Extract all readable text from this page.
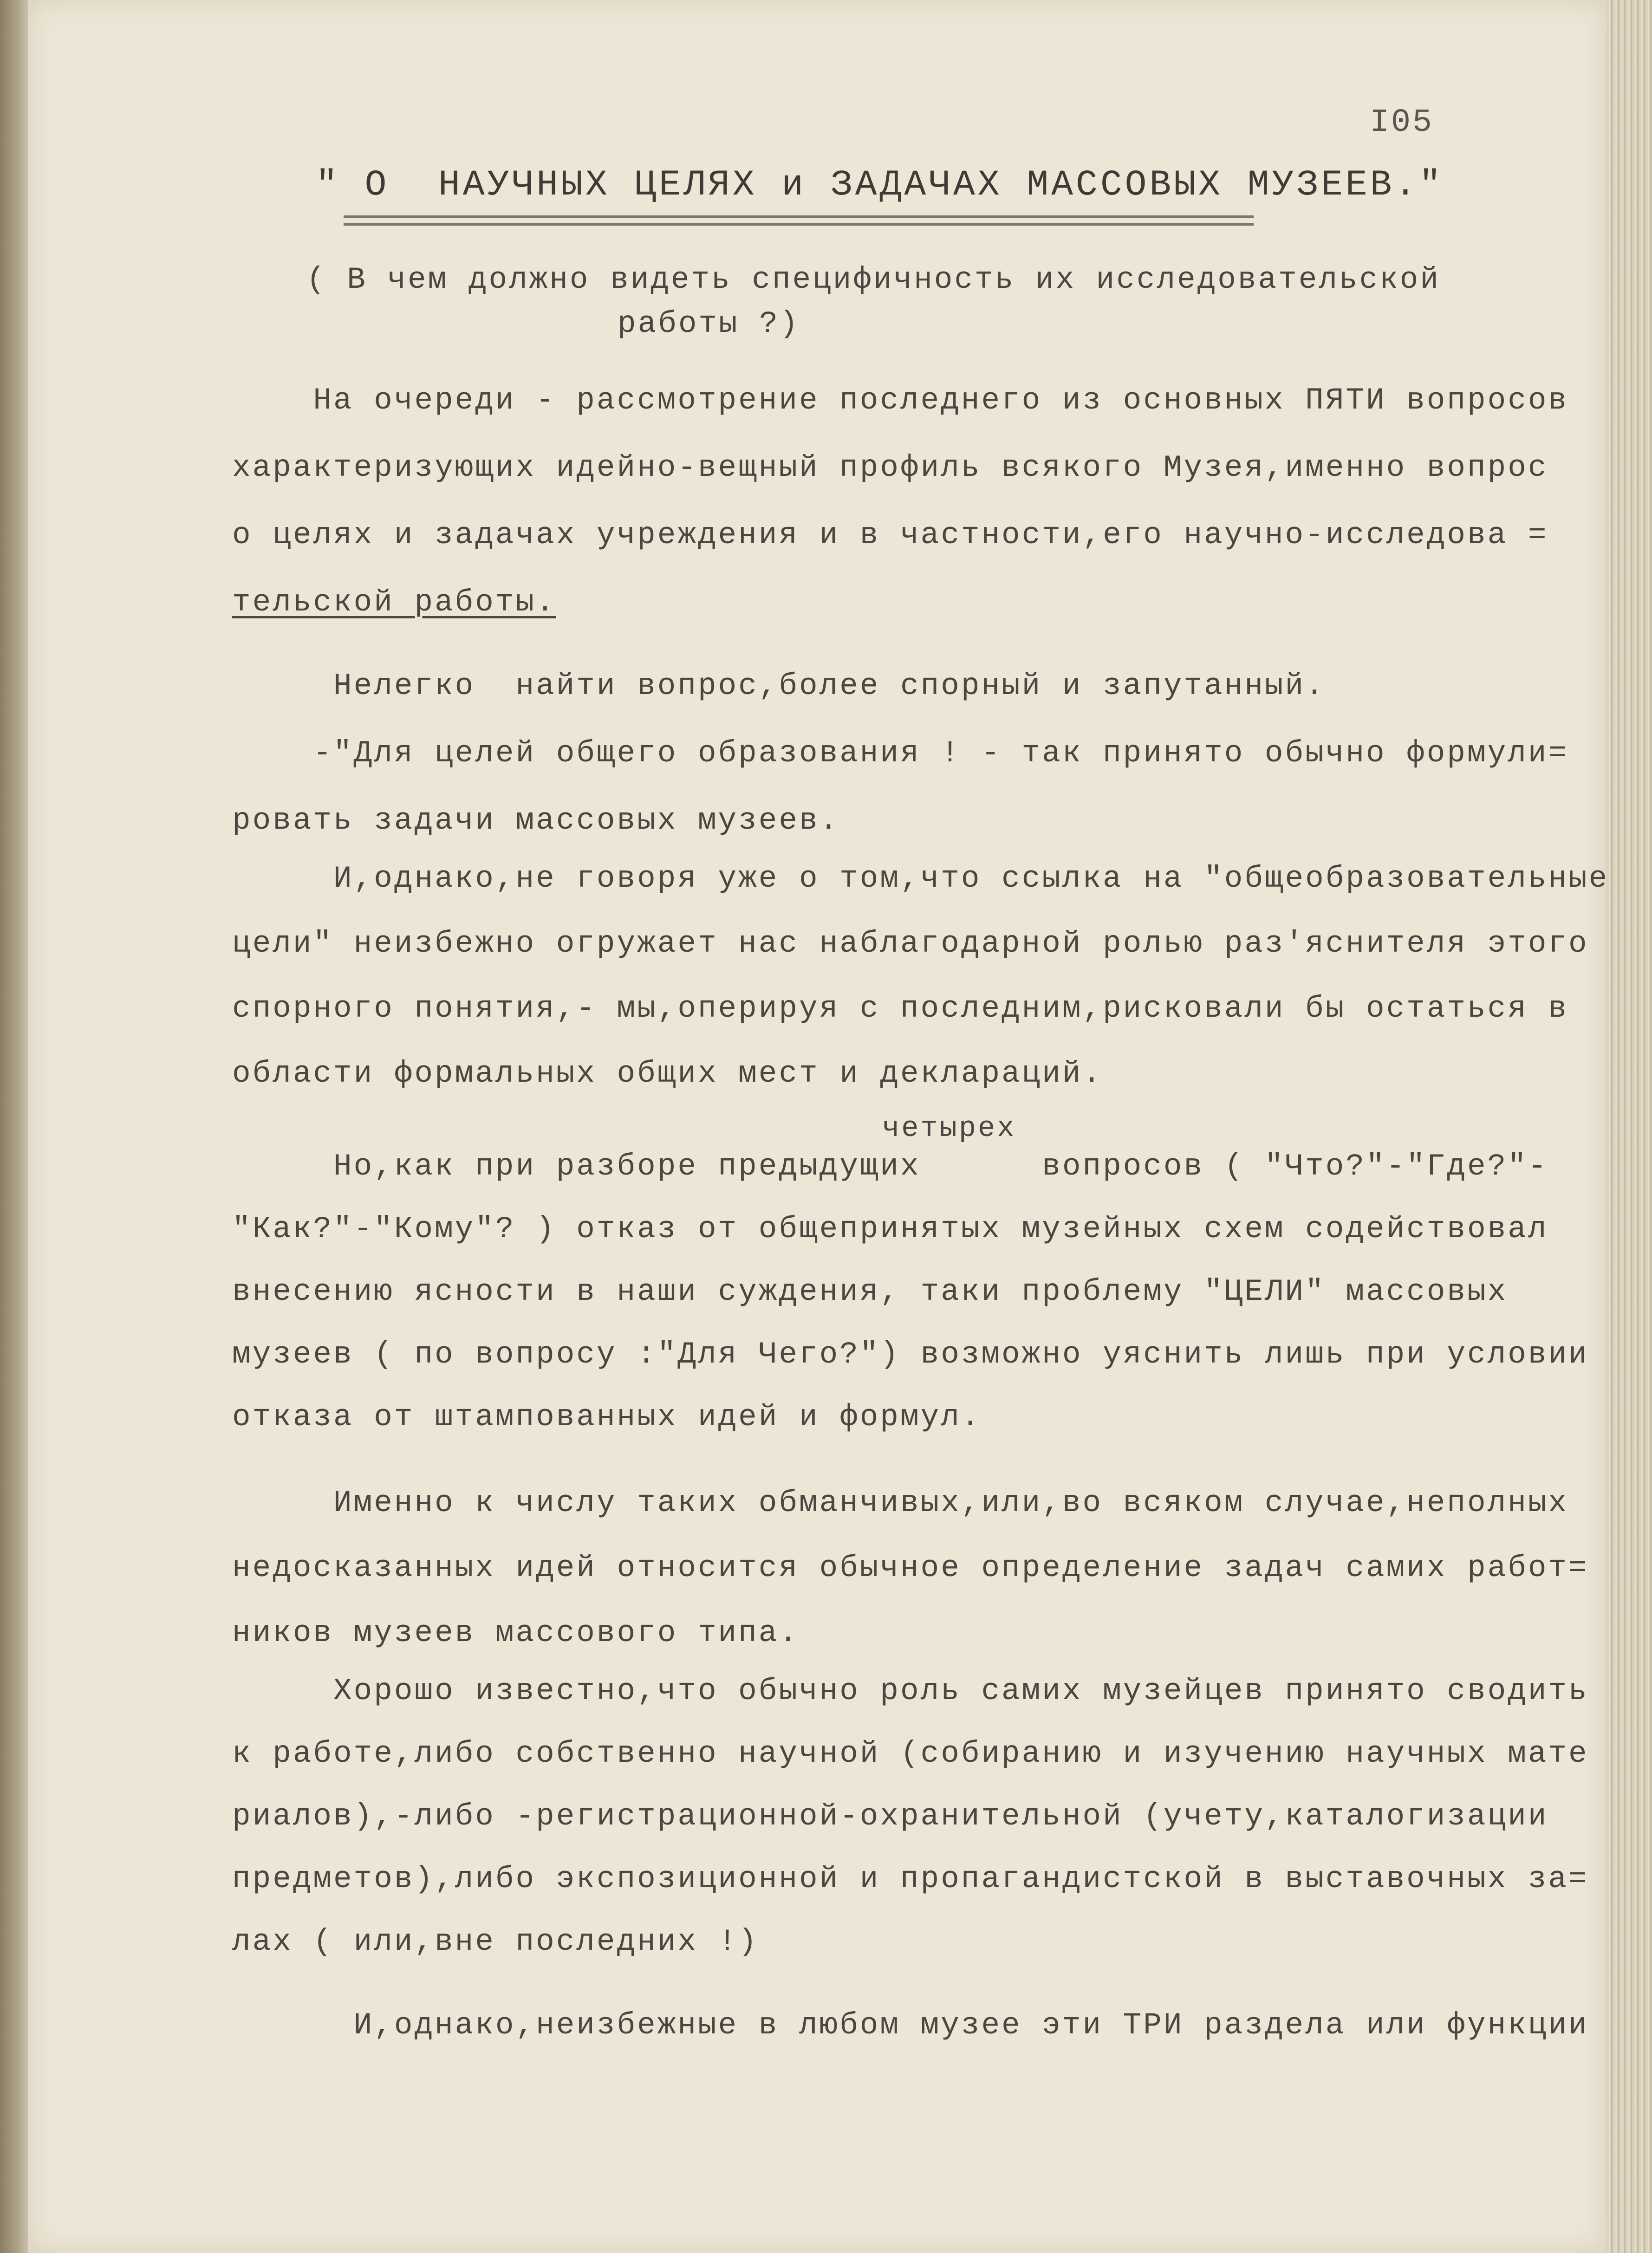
I05
" О  НАУЧНЫХ ЦЕЛЯХ и ЗАДАЧАХ МАССОВЫХ МУЗЕЕВ."
( В чем должно видеть специфичность их исследовательской
работы ?)
На очереди - рассмотрение последнего из основных ПЯТИ вопросов
характеризующих идейно-вещный профиль всякого Музея,именно вопрос
о целях и задачах учреждения и в частности,его научно-исследова =
тельской работы.
Нелегко  найти вопрос,более спорный и запутанный.
-"Для целей общего образования ! - так принято обычно формули=
ровать задачи массовых музеев.
И,однако,не говоря уже о том,что ссылка на "общеобразовательные
цели" неизбежно огружает нас наблагодарной ролью раз'яснителя этого
спорного понятия,- мы,оперируя с последним,рисковали бы остаться в
области формальных общих мест и деклараций.
четырех
Но,как при разборе предыдущих      вопросов ( "Что?"-"Где?"-
"Как?"-"Кому"? ) отказ от общепринятых музейных схем содействовал
внесению ясности в наши суждения, таки проблему "ЦЕЛИ" массовых
музеев ( по вопросу :"Для Чего?") возможно уяснить лишь при условии
отказа от штампованных идей и формул.
Именно к числу таких обманчивых,или,во всяком случае,неполных
недосказанных идей относится обычное определение задач самих работ=
ников музеев массового типа.
Хорошо известно,что обычно роль самих музейцев принято сводить
к работе,либо собственно научной (собиранию и изучению научных мате
риалов),-либо -регистрационной-охранительной (учету,каталогизации
предметов),либо экспозиционной и пропагандистской в выставочных за=
лах ( или,вне последних !)
И,однако,неизбежные в любом музее эти ТРИ раздела или функции
